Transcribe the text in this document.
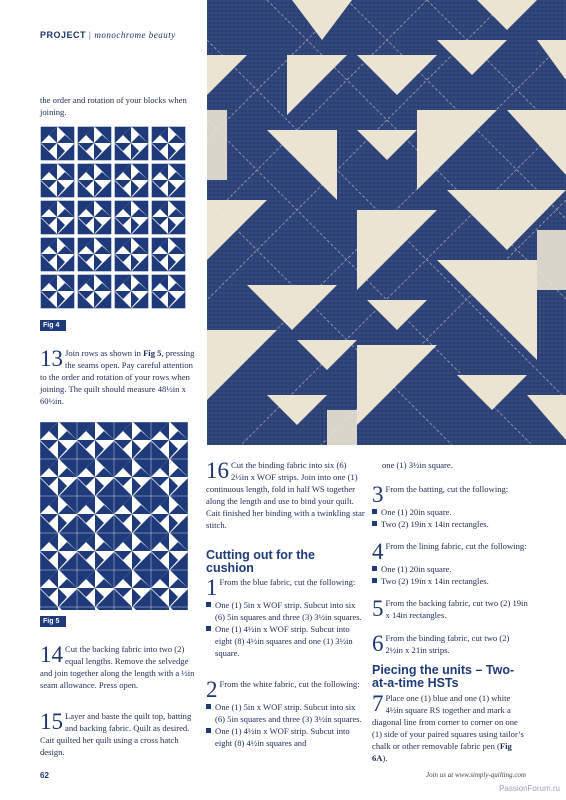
PROJECT | monochrome beauty
the order and rotation of your blocks when joining.
Fig 4
13 Join rows as shown in Fig 5, pressing the seams open. Pay careful attention to the order and rotation of your rows when joining. The quilt should measure 48½in x 60½in.
Fig 5
14 Cut the backing fabric into two (2) equal lengths. Remove the selvedge and join together along the length with a ½in seam allowance. Press open.
15 Layer and baste the quilt top, batting and backing fabric. Quilt as desired. Cait quilted her quilt using a cross hatch design.
16 Cut the binding fabric into six (6) 2½in x WOF strips. Join into one (1) continuous length, fold in half WS together along the length and use to bind your quilt. Cait finished her binding with a twinkling star stitch.
Cutting out for the cushion
1 From the blue fabric, cut the following:
One (1) 5in x WOF strip. Subcut into six (6) 5in squares and three (3) 3½in squares.
One (1) 4½in x WOF strip. Subcut into eight (8) 4½in squares and one (1) 3½in square.
2 From the white fabric, cut the following:
One (1) 5in x WOF strip. Subcut into six (6) 5in squares and three (3) 3½in squares.
One (1) 4½in x WOF strip. Subcut into eight (8) 4½in squares and
one (1) 3½in square.
3 From the batting, cut the following:
One (1) 20in square.
Two (2) 19in x 14in rectangles.
4 From the lining fabric, cut the following:
One (1) 20in square.
Two (2) 19in x 14in rectangles.
5 From the backing fabric, cut two (2) 19in x 14in rectangles.
6 From the binding fabric, cut two (2) 2½in x 21in strips.
Piecing the units – Two-at-a-time HSTs
7 Place one (1) blue and one (1) white 4½in square RS together and mark a diagonal line from corner to corner on one (1) side of your paired squares using tailor’s chalk or other removable fabric pen (Fig 6A).
62	Join us at www.simply-quilting.com
PassionForum.ru
